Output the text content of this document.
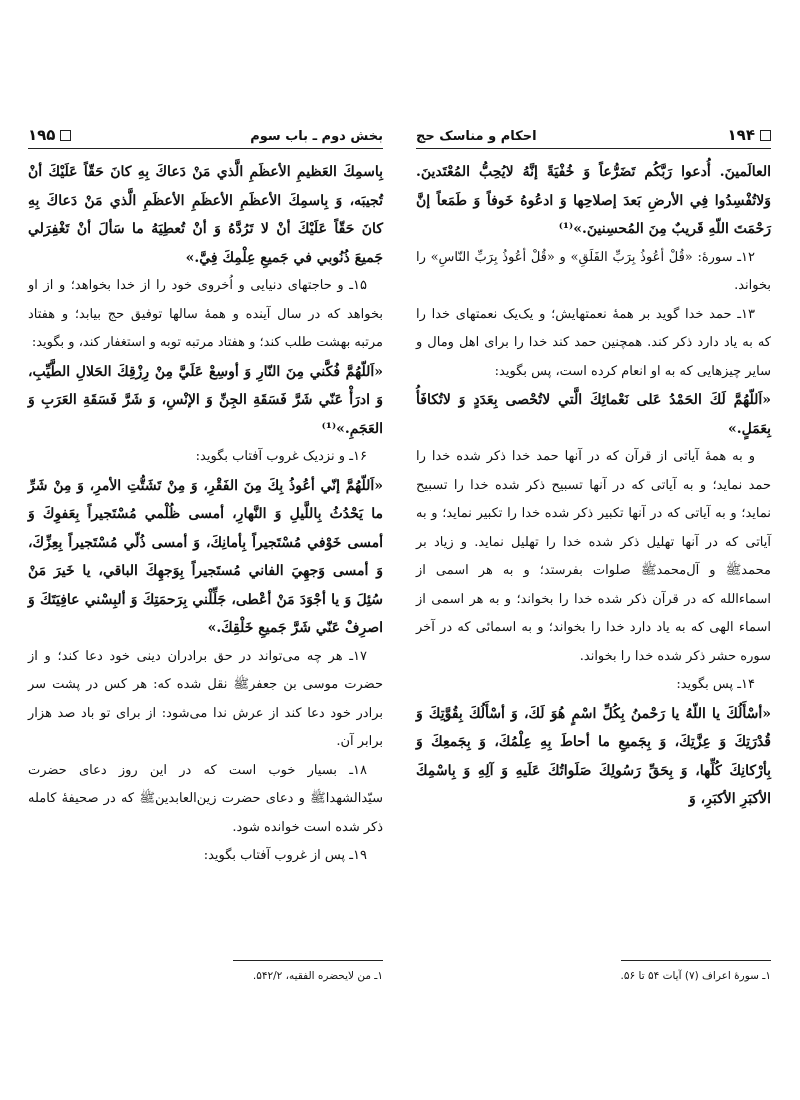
بخش دوم ـ باب سوم
۱۹۵

بِاسمِكَ العَظيمِ الأعظَمِ الَّذي مَنْ دَعاكَ بِهِ كانَ حَقّاً عَلَيْكَ أنْ تُجيبَه، وَ بِاسمِكَ الأعظَمِ الأعظَمِ الأعظَمِ الَّذي مَنْ دَعاكَ بِهِ كانَ حَقّاً عَلَيْكَ أنْ لا تَرُدَّهُ وَ أنْ تُعطِيَهُ ما سَألَ أنْ تَغْفِرَلي جَميعَ ذُنُوبي في جَميعِ عِلْمِكَ فِيَّ.»

۱۵ـ و حاجتهای دنیایی و اُخروی خود را از خدا بخواهد؛ و از او بخواهد که در سال آینده و همهٔ سالها توفیق حج بیابد؛ و هفتاد مرتبه بهشت طلب کند؛ و هفتاد مرتبه توبه و استغفار کند، و بگوید:

«اَللّهُمَّ فُكَّني مِنَ النّارِ وَ أوسِعْ عَلَيَّ مِنْ رِزْقِكَ الحَلالِ الطَّيِّبِ، وَ ادرَأْ عَنّي شَرَّ فَسَقَةِ الجِنِّ وَ الإنْسِ، وَ شَرَّ فَسَقَةِ العَرَبِ وَ العَجَمِ.»⁽¹⁾

۱۶ـ و نزدیک غروب آفتاب بگوید:

«اَللّهُمَّ إنّي أعُوذُ بِكَ مِنَ الفَقْرِ، وَ مِنْ تَشَتُّتِ الأمرِ، وَ مِنْ شَرِّ ما يَحْدُثُ بِاللَّيلِ وَ النَّهارِ، أمسى ظُلْمي مُسْتَجيراً بِعَفوِكَ وَ أمسى خَوْفي مُسْتَجيراً بِأمانِكَ، وَ أمسى ذُلّي مُسْتَجيراً بِعِزِّكَ، وَ أمسى وَجهِيَ الفاني مُستَجيراً بِوَجهِكَ الباقي، يا خَيرَ مَنْ سُئِلَ وَ يا أجْوَدَ مَنْ أعْطى، جَلِّلْني بِرَحمَتِكَ وَ ألبِسْني عافِيَتَكَ وَ اصرِفْ عَنّي شَرَّ جَميعِ خَلْقِكَ.»

۱۷ـ هر چه می‌تواند در حق برادران دینی خود دعا کند؛ و از حضرت موسی بن جعفرﷺ نقل شده که: هر کس در پشت سر برادر خود دعا کند از عرش ندا می‌شود: از برای تو باد صد هزار برابر آن.

۱۸ـ بسیار خوب است که در این روز دعای حضرت سیّدالشهداﷺ و دعای حضرت زین‌العابدینﷺ که در صحیفهٔ کامله ذکر شده است خوانده شود.

۱۹ـ پس از غروب آفتاب بگوید:

۱ـ من لایحضره الفقیه، ۵۴۲/۲.
۱۹۴
احکام و مناسک حج

العالَمينَ. أُدعوا رَبَّكُم تَضَرُّعاً وَ خُفْيَةً إنَّهُ لايُحِبُّ المُعْتَدينَ. وَلاتُفْسِدُوا فِي الأرضِ بَعدَ إصلاحِها وَ ادعُوهُ خَوفاً وَ طَمَعاً إنَّ رَحْمَتَ اللّهِ قَريبٌ مِنَ المُحسِنينَ.»⁽¹⁾

۱۲ـ سورهٔ: «قُلْ أعُوذُ بِرَبِّ الفَلَقِ» و «قُلْ أعُوذُ بِرَبِّ النّاسِ» را بخواند.

۱۳ـ حمد خدا گوید بر همهٔ نعمتهایش؛ و یک‌یک نعمتهای خدا را که به یاد دارد ذکر کند. همچنین حمد کند خدا را برای اهل ومال و سایر چیزهایی که به او انعام کرده است، پس بگوید:

«اَللّهُمَّ لَكَ الحَمْدُ عَلى نَعْمائِكَ الَّتي لاتُحْصى بِعَدَدٍ وَ لاتُكافَأُ بِعَمَلٍ.»

و به همهٔ آیاتی از قرآن که در آنها حمد خدا ذکر شده خدا را حمد نماید؛ و به آیاتی که در آنها تسبیح ذکر شده خدا را تسبیح نماید؛ و به آیاتی که در آنها تکبیر ذکر شده خدا را تکبیر نماید؛ و به آیاتی که در آنها تهلیل ذکر شده خدا را تهلیل نماید. و زیاد بر محمدﷺ و آل‌محمدﷺ صلوات بفرستد؛ و به هر اسمی از اسماءالله که در قرآن ذکر شده خدا را بخواند؛ و به هر اسمی از اسماء الهی که به یاد دارد خدا را بخواند؛ و به اسمائی که در آخر سوره حشر ذکر شده خدا را بخواند.

۱۴ـ پس بگوید:

«أسْأَلُكَ يا اللّهُ يا رَحْمنُ بِكُلِّ اسْمٍ هُوَ لَكَ، وَ أسْأَلُكَ بِقُوَّتِكَ وَ قُدْرَتِكَ وَ عِزَّتِكَ، وَ بِجَميعِ ما أحاطَ بِهِ عِلْمُكَ، وَ بِجَمعِكَ وَ بِأرْكانِكَ كُلِّها، وَ بِحَقِّ رَسُولِكَ صَلَواتُكَ عَلَيهِ وَ آلِهِ وَ بِاسْمِكَ الأكبَرِ الأكبَرِ، وَ

۱ـ سورهٔ اعراف (۷) آیات ۵۴ تا ۵۶.
